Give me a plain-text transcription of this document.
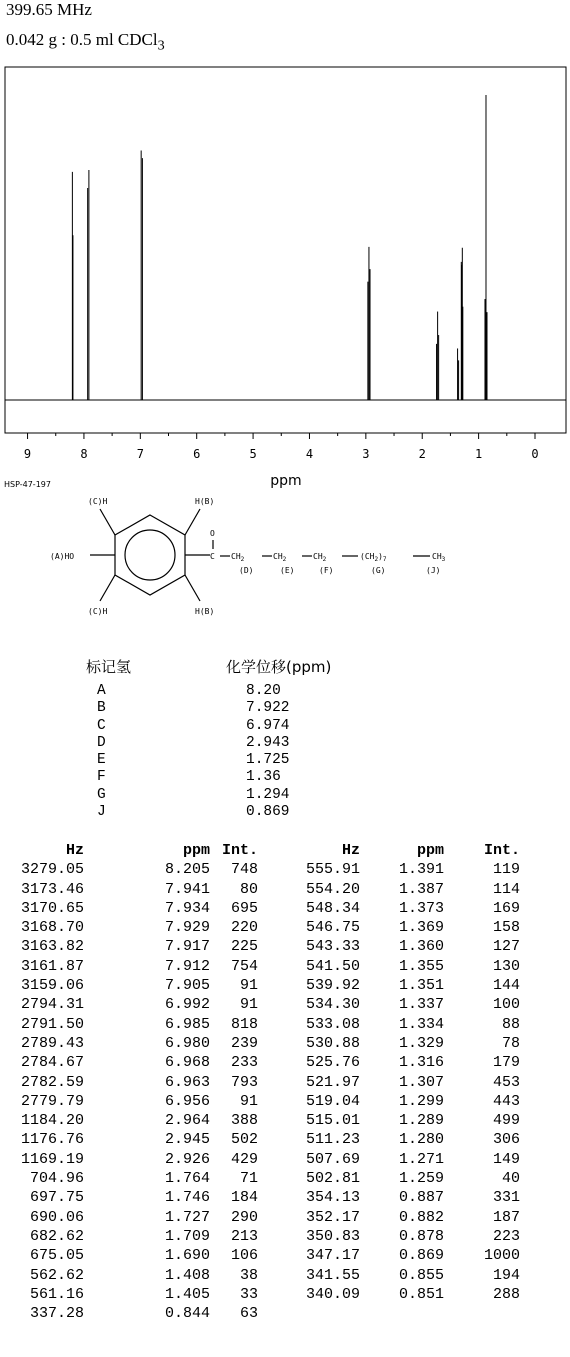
399.65 MHz
0.042 g : 0.5 ml CDCl$_3$
9	8	7	6	5	4	3	2	1	0
ppm
HSP-47-197
(C)H	H(B)
(A)HO
(C)H	H(B)
O
C $CH_2$	$CH_2$	$CH_2$	$(CH_2)_7$	$CH_3$
(D)	(E)	(F)	(G)	(J)
标记氢	化学位移(ppm)
A	8.20
B	7.922
C	6.974
D	2.943
E	1.725
F	1.36
G	1.294
J	0.869
Hz	ppm Int.	Hz	ppm	Int.
3279.05	8.205 748	555.91	1.391	119
3173.46	7.941 80	554.20	1.387	114
3170.65	7.934 695	548.34	1.373	169
3168.70	7.929 220	546.75	1.369	158
3163.82	7.917 225	543.33	1.360	127
3161.87	7.912 754	541.50	1.355	130
3159.06	7.905 91	539.92	1.351	144
2794.31	6.992 91	534.30	1.337	100
2791.50	6.985 818	533.08	1.334	88
2789.43	6.980 239	530.88	1.329	78
2784.67	6.968 233	525.76	1.316	179
2782.59	6.963 793	521.97	1.307	453
2779.79	6.956 91	519.04	1.299	443
1184.20	2.964 388	515.01	1.289	499
1176.76	2.945 502	511.23	1.280	306
1169.19	2.926 429	507.69	1.271	149
704.96	1.764 71	502.81	1.259	40
697.75	1.746 184	354.13	0.887	331
690.06	1.727 290	352.17	0.882	187
682.62	1.709 213	350.83	0.878	223
675.05	1.690 106	347.17	0.869	1000
562.62	1.408 38	341.55	0.855	194
561.16	1.405 33	340.09	0.851	288
337.28	0.844 63
